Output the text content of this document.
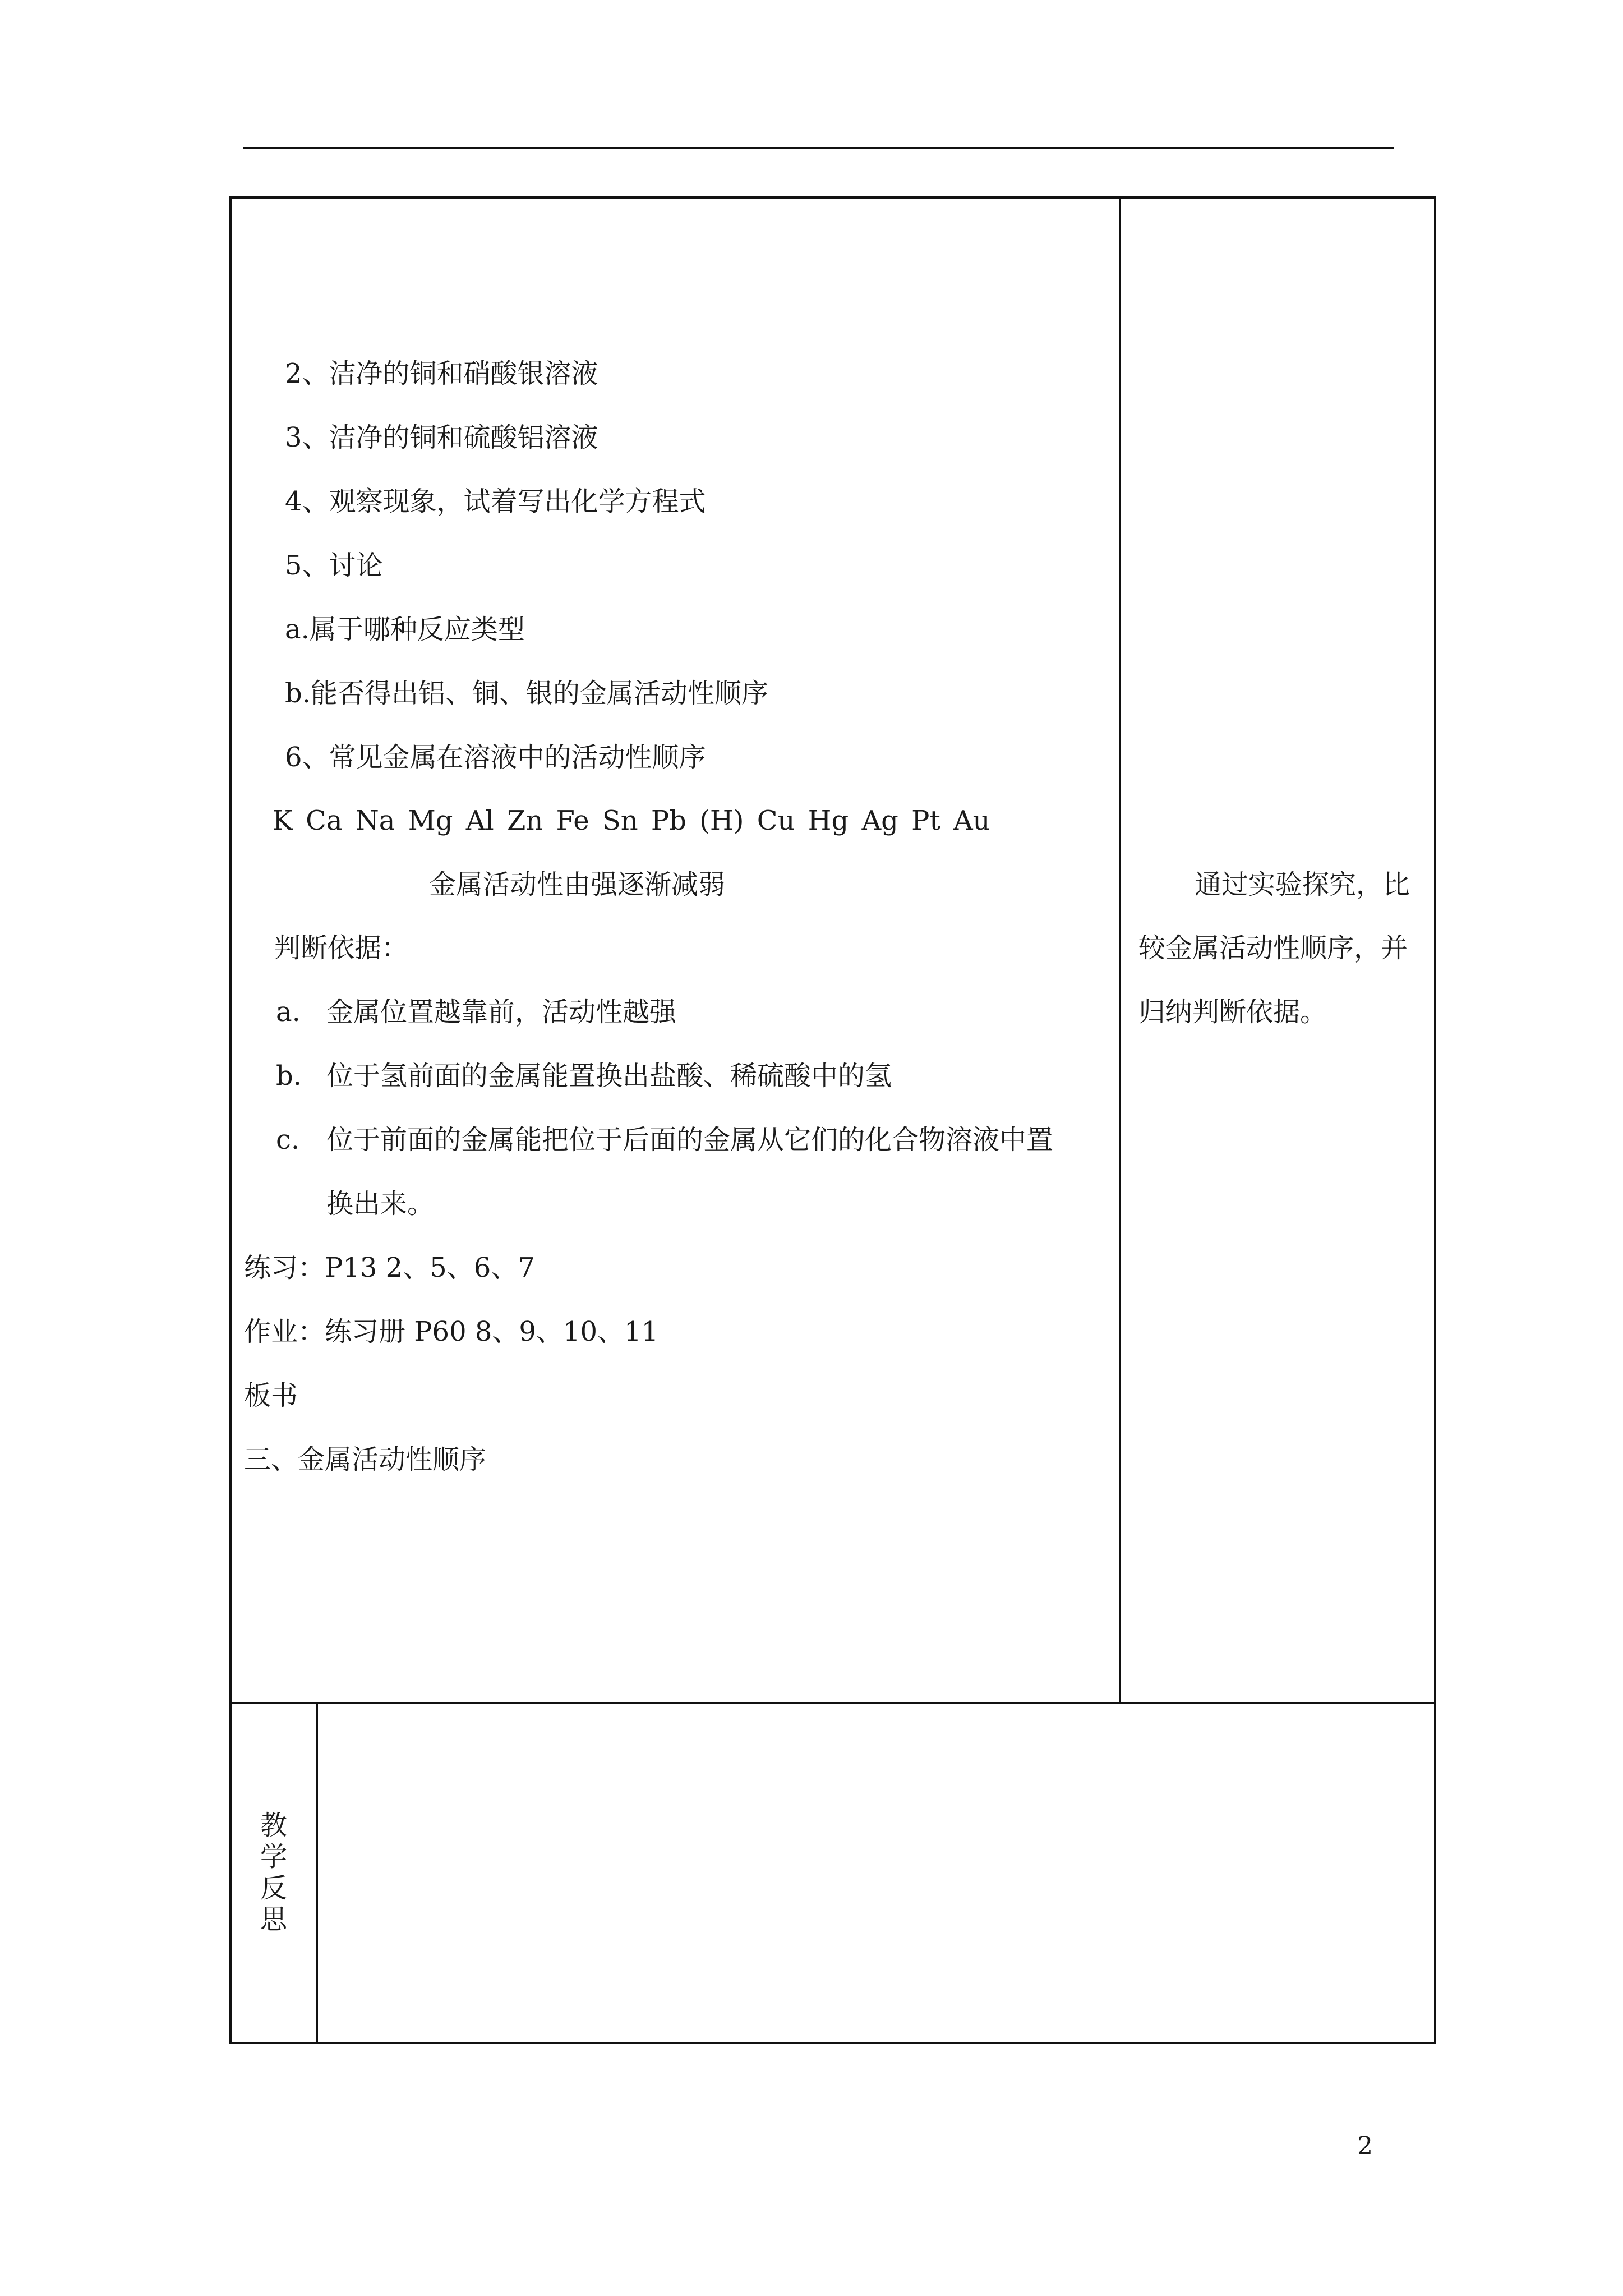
2、洁净的铜和硝酸银溶液
3、洁净的铜和硫酸铝溶液
4、观察现象，试着写出化学方程式
5、讨论
a.属于哪种反应类型
b.能否得出铝、铜、银的金属活动性顺序
6、常见金属在溶液中的活动性顺序
K Ca Na Mg Al Zn Fe Sn Pb (H) Cu Hg Ag Pt Au
金属活动性由强逐渐减弱
判断依据：
a. 金属位置越靠前，活动性越强
b. 位于氢前面的金属能置换出盐酸、稀硫酸中的氢
c. 位于前面的金属能把位于后面的金属从它们的化合物溶液中置
换出来。
练习：P13 2、5、6、7
作业：练习册 P60 8、9、10、11
板书
三、金属活动性顺序
通过实验探究，比
较金属活动性顺序，并
归纳判断依据。
教
学
反
思
2
